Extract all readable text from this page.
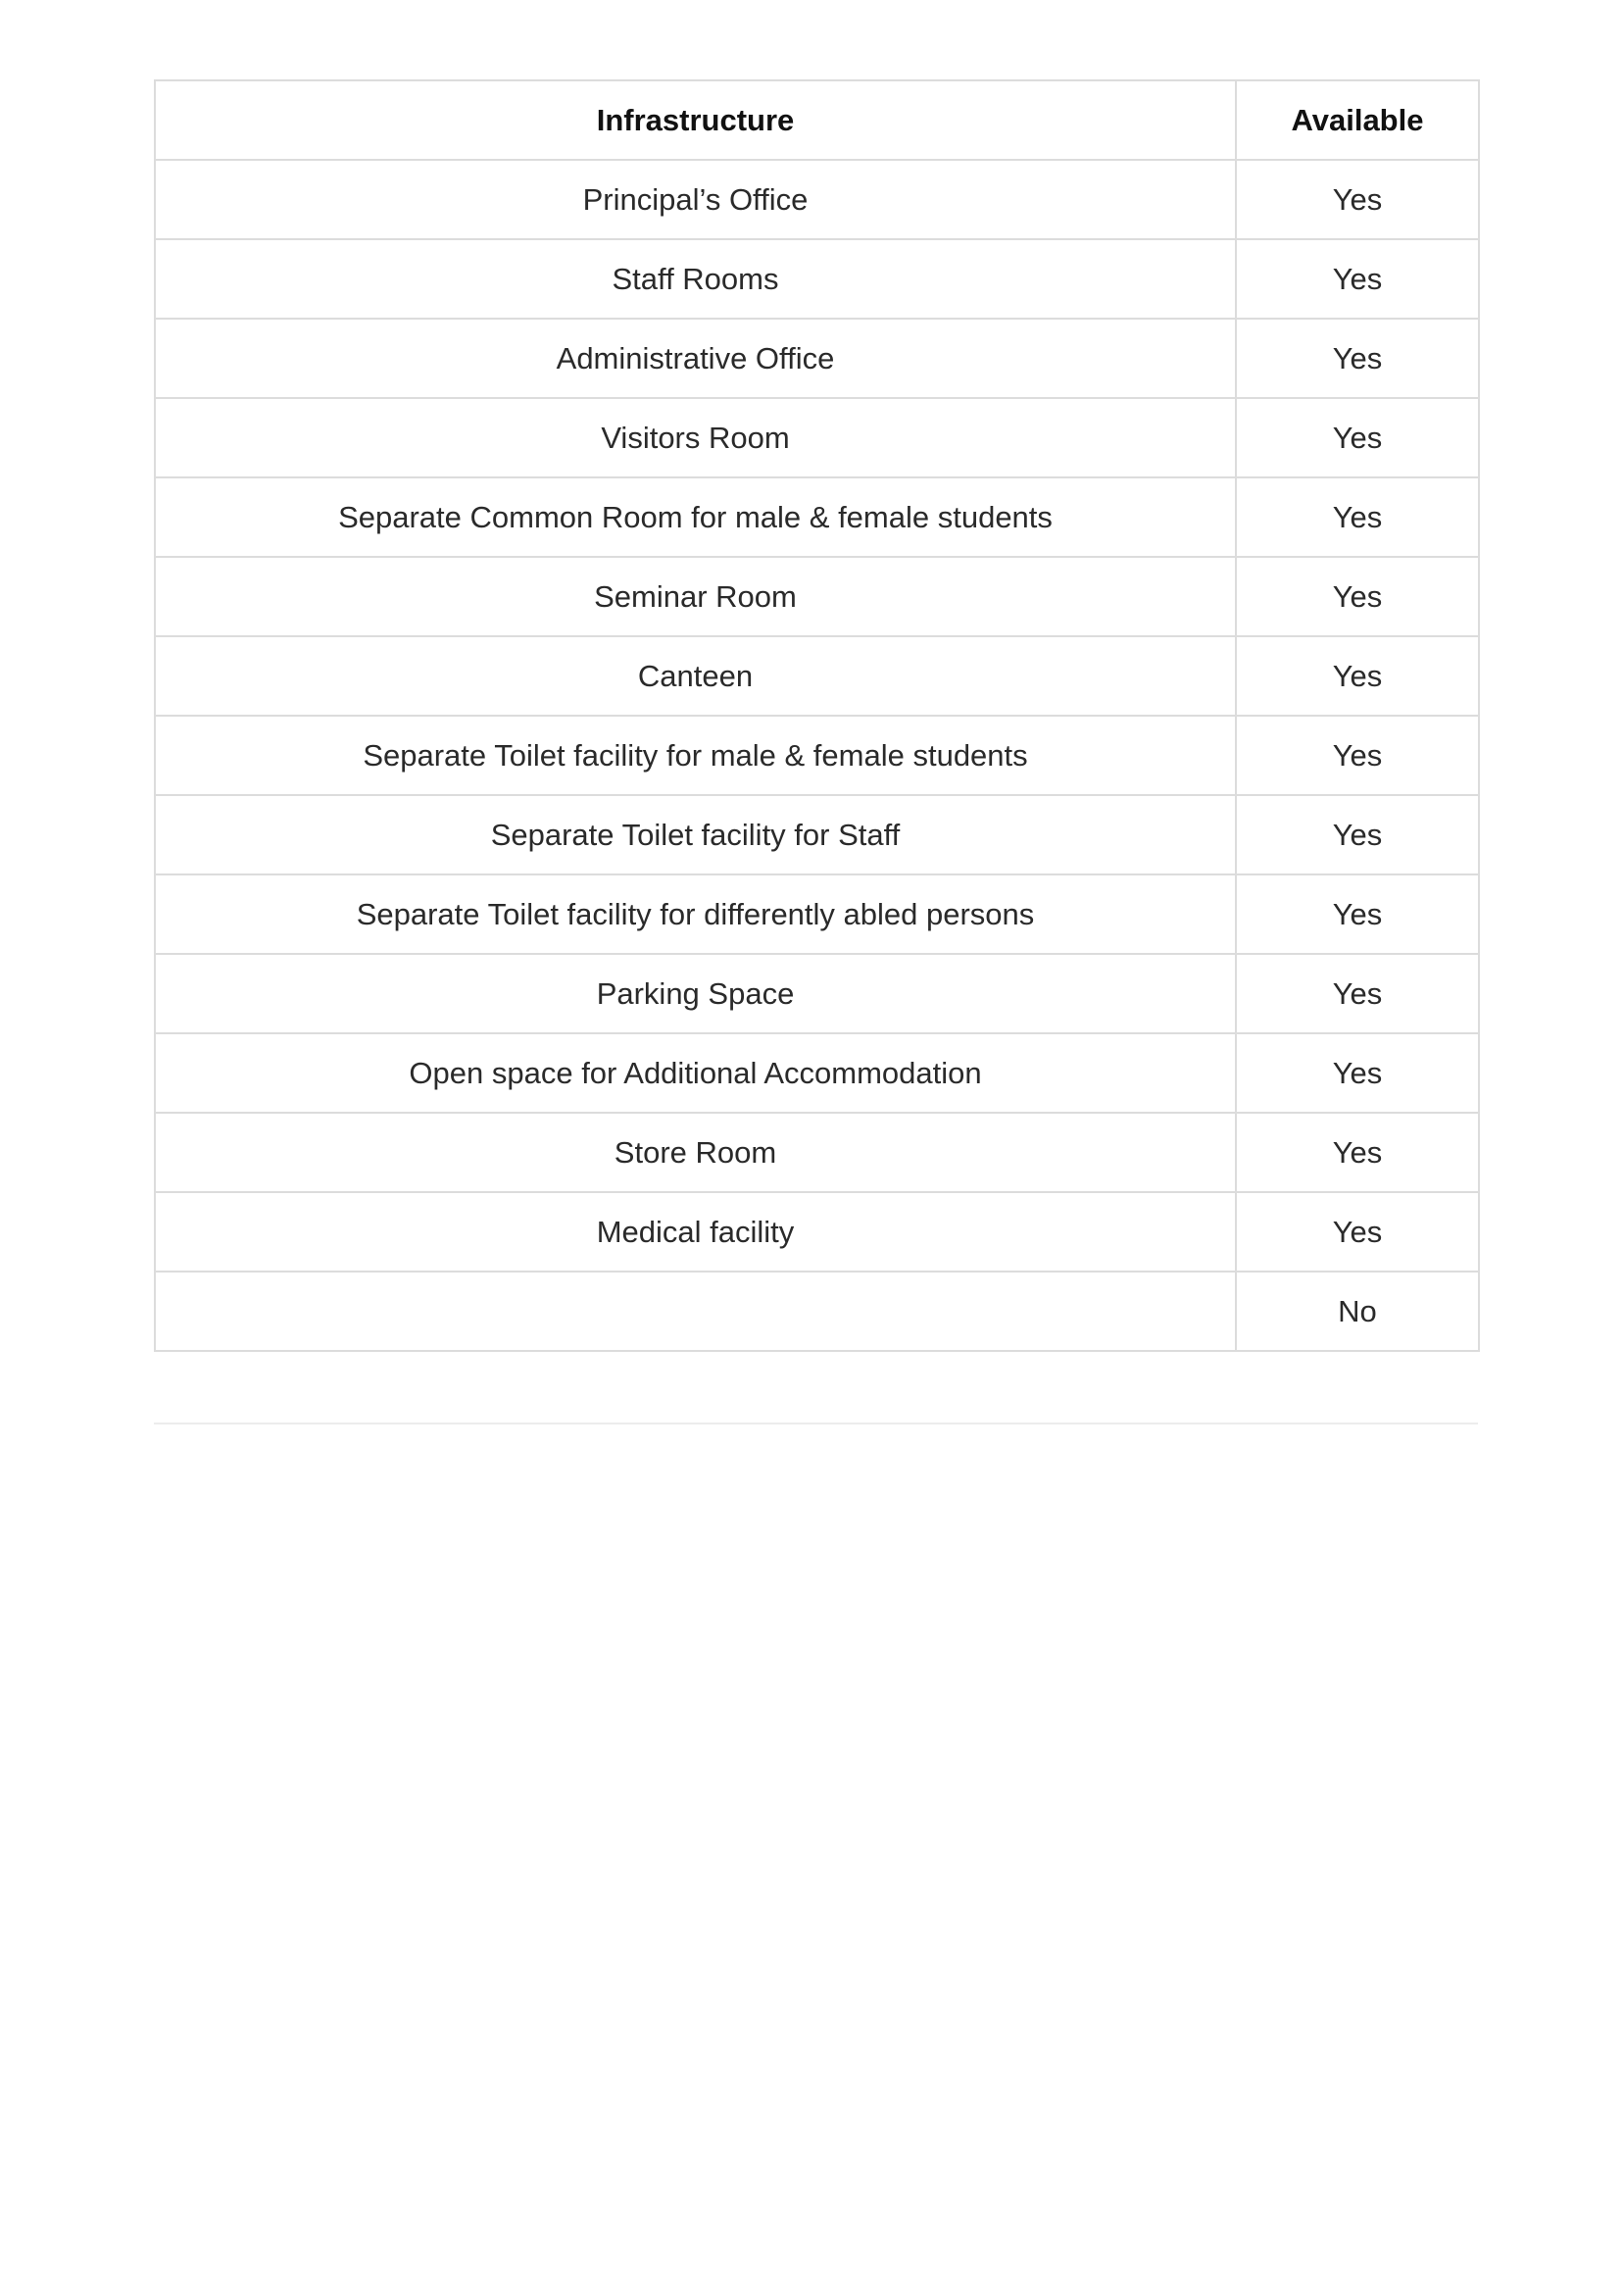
Infrastructure	Available
Principal’s Office	Yes
Staff Rooms	Yes
Administrative Office	Yes
Visitors Room	Yes
Separate Common Room for male & female students	Yes
Seminar Room	Yes
Canteen	Yes
Separate Toilet facility for male & female students	Yes
Separate Toilet facility for Staff	Yes
Separate Toilet facility for differently abled persons	Yes
Parking Space	Yes
Open space for Additional Accommodation	Yes
Store Room	Yes
Medical facility	Yes
	No
